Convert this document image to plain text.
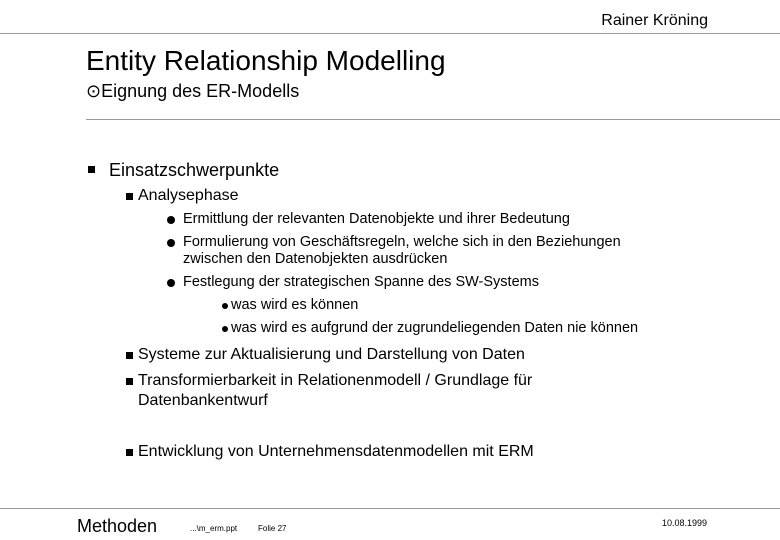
Rainer Kröning
Entity Relationship Modelling
⊙Eignung des ER-Modells
Einsatzschwerpunkte
Analysephase
Ermittlung der relevanten Datenobjekte und ihrer Bedeutung
Formulierung von Geschäftsregeln, welche sich in den Beziehungen
zwischen den Datenobjekten ausdrücken
Festlegung der strategischen Spanne des SW-Systems
was wird es können
was wird es aufgrund der zugrundeliegenden Daten nie können
Systeme zur Aktualisierung und Darstellung von Daten
Transformierbarkeit in Relationenmodell / Grundlage für
Datenbankentwurf
Entwicklung von Unternehmensdatenmodellen mit ERM
Methoden	...\m_erm.ppt	Folie 27
10.08.1999
